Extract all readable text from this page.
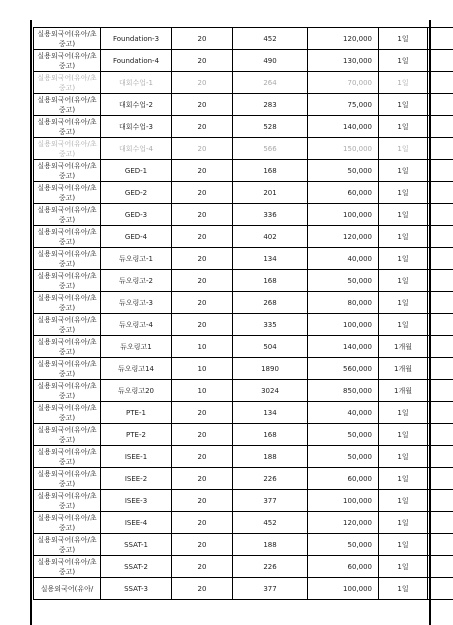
실용외국어(유아/초중고)	Foundation-3	20	452	120,000	1일	
실용외국어(유아/초중고)	Foundation-4	20	490	130,000	1일	
실용외국어(유아/초중고)	대회수업-1	20	264	70,000	1일	
실용외국어(유아/초중고)	대회수업-2	20	283	75,000	1일	
실용외국어(유아/초중고)	대회수업-3	20	528	140,000	1일	
실용외국어(유아/초중고)	대회수업-4	20	566	150,000	1일	
실용외국어(유아/초중고)	GED-1	20	168	50,000	1일	
실용외국어(유아/초중고)	GED-2	20	201	60,000	1일	
실용외국어(유아/초중고)	GED-3	20	336	100,000	1일	
실용외국어(유아/초중고)	GED-4	20	402	120,000	1일	
실용외국어(유아/초중고)	듀오링고-1	20	134	40,000	1일	
실용외국어(유아/초중고)	듀오링고-2	20	168	50,000	1일	
실용외국어(유아/초중고)	듀오링고-3	20	268	80,000	1일	
실용외국어(유아/초중고)	듀오링고-4	20	335	100,000	1일	
실용외국어(유아/초중고)	듀오링고1	10	504	140,000	1개월	
실용외국어(유아/초중고)	듀오링고14	10	1890	560,000	1개월	
실용외국어(유아/초중고)	듀오링고20	10	3024	850,000	1개월	
실용외국어(유아/초중고)	PTE-1	20	134	40,000	1일	
실용외국어(유아/초중고)	PTE-2	20	168	50,000	1일	
실용외국어(유아/초중고)	ISEE-1	20	188	50,000	1일	
실용외국어(유아/초중고)	ISEE-2	20	226	60,000	1일	
실용외국어(유아/초중고)	ISEE-3	20	377	100,000	1일	
실용외국어(유아/초중고)	ISEE-4	20	452	120,000	1일	
실용외국어(유아/초중고)	SSAT-1	20	188	50,000	1일	
실용외국어(유아/초중고)	SSAT-2	20	226	60,000	1일	
실용외국어(유아/	SSAT-3	20	377	100,000	1일	
